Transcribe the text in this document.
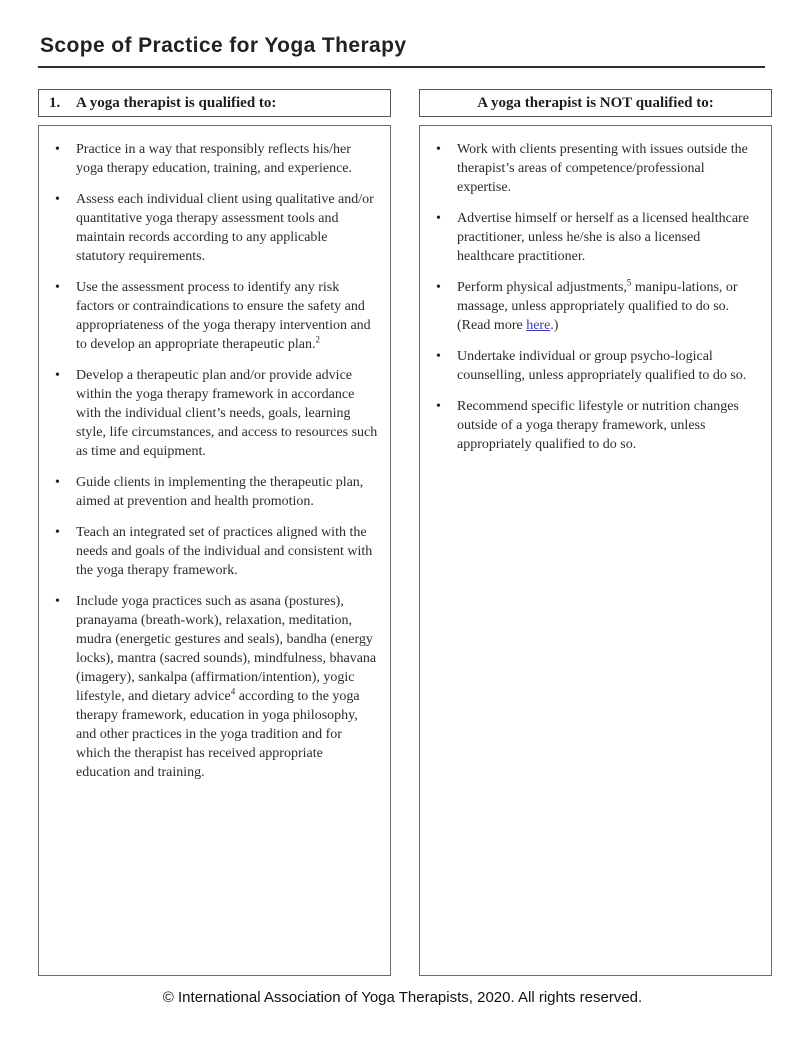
Scope of Practice for Yoga Therapy
1.	A yoga therapist is qualified to:
• Practice in a way that responsibly reflects his/her yoga therapy education, training, and experience.
• Assess each individual client using qualitative and/or quantitative yoga therapy assessment tools and maintain records according to any applicable statutory requirements.
• Use the assessment process to identify any risk factors or contraindications to ensure the safety and appropriateness of the yoga therapy intervention and to develop an appropriate therapeutic plan.$^2$
• Develop a therapeutic plan and/or provide advice within the yoga therapy framework in accordance with the individual client’s needs, goals, learning style, life circumstances, and access to resources such as time and equipment.
• Guide clients in implementing the therapeutic plan, aimed at prevention and health promotion.
• Teach an integrated set of practices aligned with the needs and goals of the individual and consistent with the yoga therapy framework.
• Include yoga practices such as asana (postures), pranayama (breath-work), relaxation, meditation, mudra (energetic gestures and seals), bandha (energy locks), mantra (sacred sounds), mindfulness, bhavana (imagery), sankalpa (affirmation/intention), yogic lifestyle, and dietary advice$^4$ according to the yoga therapy framework, education in yoga philosophy, and other practices in the yoga tradition and for which the therapist has received appropriate education and training.
A yoga therapist is NOT qualified to:
• Work with clients presenting with issues outside the therapist’s areas of competence/professional expertise.
• Advertise himself or herself as a licensed healthcare practitioner, unless he/she is also a licensed healthcare practitioner.
• Perform physical adjustments,$^5$ manipu-lations, or massage, unless appropriately qualified to do so. (Read more here.)
• Undertake individual or group psycho-logical counselling, unless appropriately qualified to do so.
• Recommend specific lifestyle or nutrition changes outside of a yoga therapy framework, unless appropriately qualified to do so.
© International Association of Yoga Therapists, 2020. All rights reserved.
